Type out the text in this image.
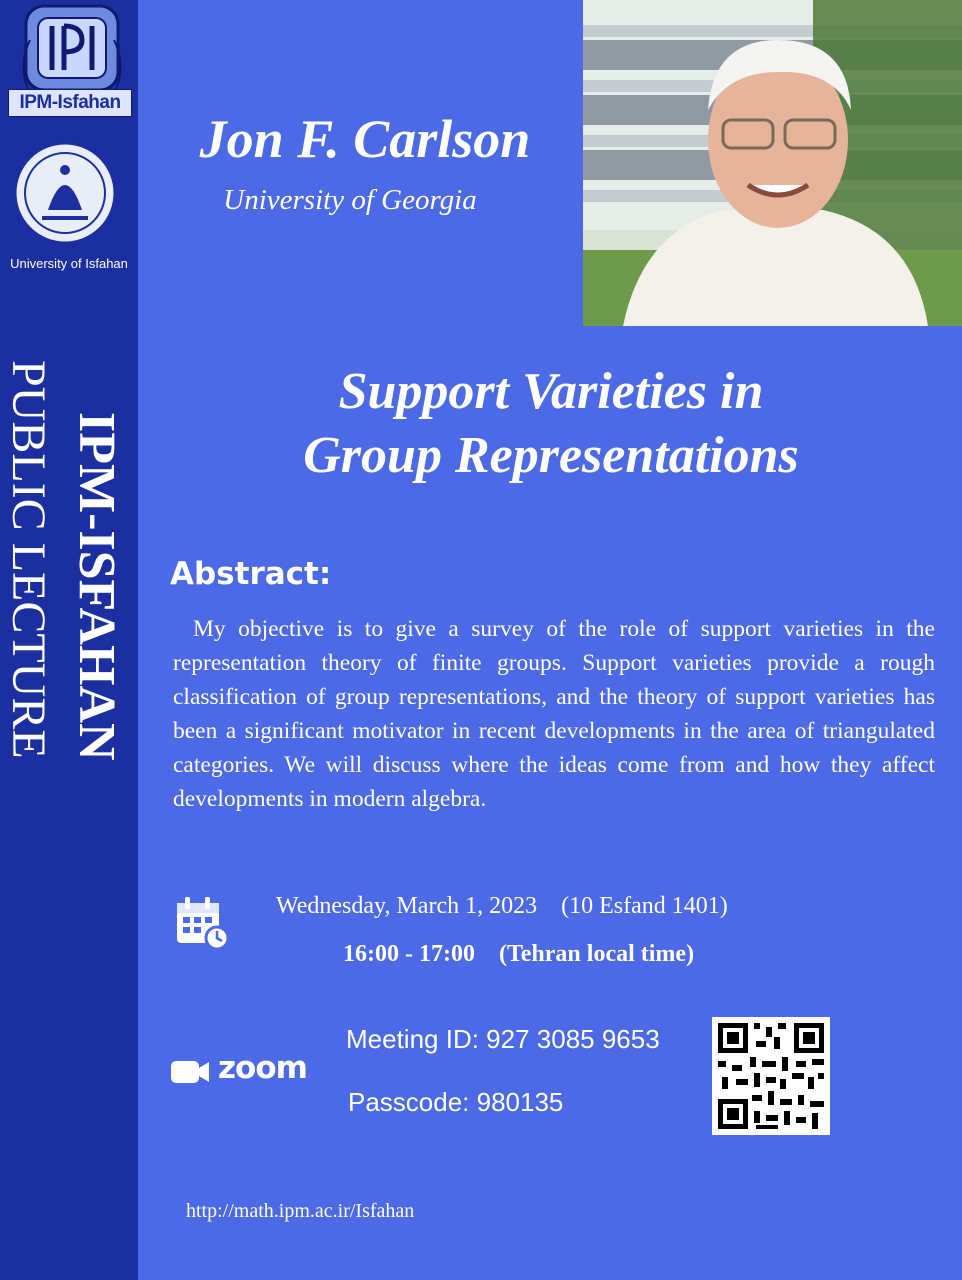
IPM-Isfahan
University of Isfahan
IPM-ISFAHAN
PUBLIC LECTURE
Jon F. Carlson
University of Georgia
Support Varieties in
Group Representations
Abstract:
My objective is to give a survey of the role of support varieties in the representation theory of finite groups. Support varieties provide a rough classification of group representations, and the theory of support varieties has been a significant motivator in recent developments in the area of triangulated categories. We will discuss where the ideas come from and how they affect developments in modern algebra.
Wednesday, March 1, 2023    (10 Esfand 1401)
16:00 - 17:00    (Tehran local time)
zoom
Meeting ID: 927 3085 9653
Passcode: 980135
http://math.ipm.ac.ir/Isfahan
